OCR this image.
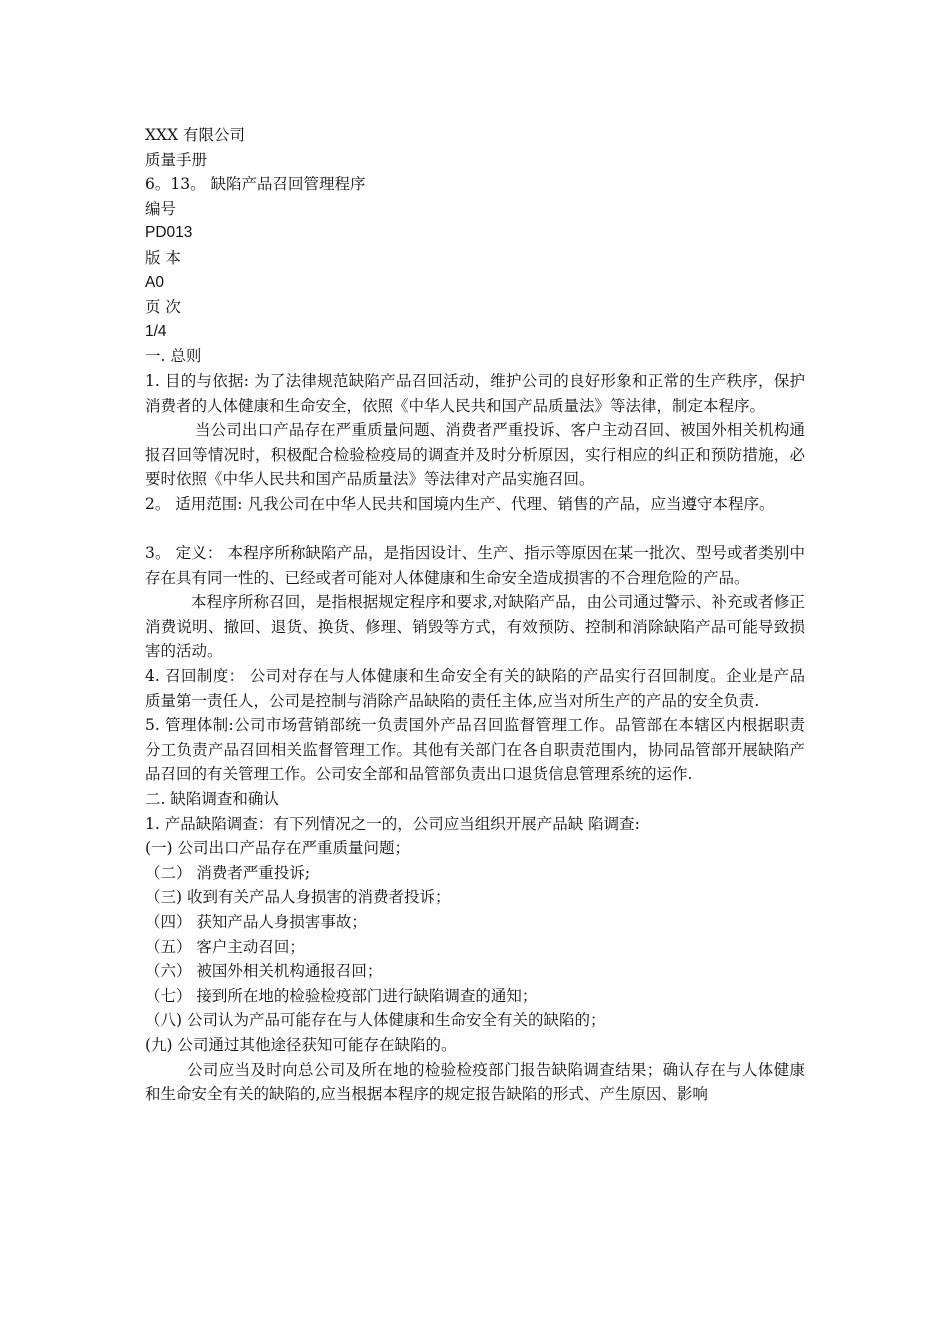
XXX 有限公司
质量手册
6。13。 缺陷产品召回管理程序
编号
PD013
版 本
A0
页 次
1/4
一. 总则
1. 目的与依据: 为了法律规范缺陷产品召回活动，维护公司的良好形象和正常的生产秩序，保护消费者的人体健康和生命安全，依照《中华人民共和国产品质量法》等法律，制定本程序。
当公司出口产品存在严重质量问题、消费者严重投诉、客户主动召回、被国外相关机构通报召回等情况时，积极配合检验检疫局的调查并及时分析原因，实行相应的纠正和预防措施，必要时依照《中华人民共和国产品质量法》等法律对产品实施召回。
2。 适用范围: 凡我公司在中华人民共和国境内生产、代理、销售的产品，应当遵守本程序。
3。 定义： 本程序所称缺陷产品，是指因设计、生产、指示等原因在某一批次、型号或者类别中存在具有同一性的、已经或者可能对人体健康和生命安全造成损害的不合理危险的产品。
本程序所称召回，是指根据规定程序和要求,对缺陷产品，由公司通过警示、补充或者修正消费说明、撤回、退货、换货、修理、销毁等方式，有效预防、控制和消除缺陷产品可能导致损害的活动。
4. 召回制度： 公司对存在与人体健康和生命安全有关的缺陷的产品实行召回制度。企业是产品质量第一责任人，公司是控制与消除产品缺陷的责任主体,应当对所生产的产品的安全负责.
5. 管理体制:公司市场营销部统一负责国外产品召回监督管理工作。品管部在本辖区内根据职责分工负责产品召回相关监督管理工作。其他有关部门在各自职责范围内，协同品管部开展缺陷产品召回的有关管理工作。公司安全部和品管部负责出口退货信息管理系统的运作.
二. 缺陷调查和确认
1. 产品缺陷调查：有下列情况之一的，公司应当组织开展产品缺 陷调查:
(一) 公司出口产品存在严重质量问题；
（二） 消费者严重投诉;
（三) 收到有关产品人身损害的消费者投诉；
（四） 获知产品人身损害事故；
（五） 客户主动召回；
（六） 被国外相关机构通报召回；
（七） 接到所在地的检验检疫部门进行缺陷调查的通知；
（八) 公司认为产品可能存在与人体健康和生命安全有关的缺陷的；
(九) 公司通过其他途径获知可能存在缺陷的。
公司应当及时向总公司及所在地的检验检疫部门报告缺陷调查结果；确认存在与人体健康和生命安全有关的缺陷的,应当根据本程序的规定报告缺陷的形式、产生原因、影响
